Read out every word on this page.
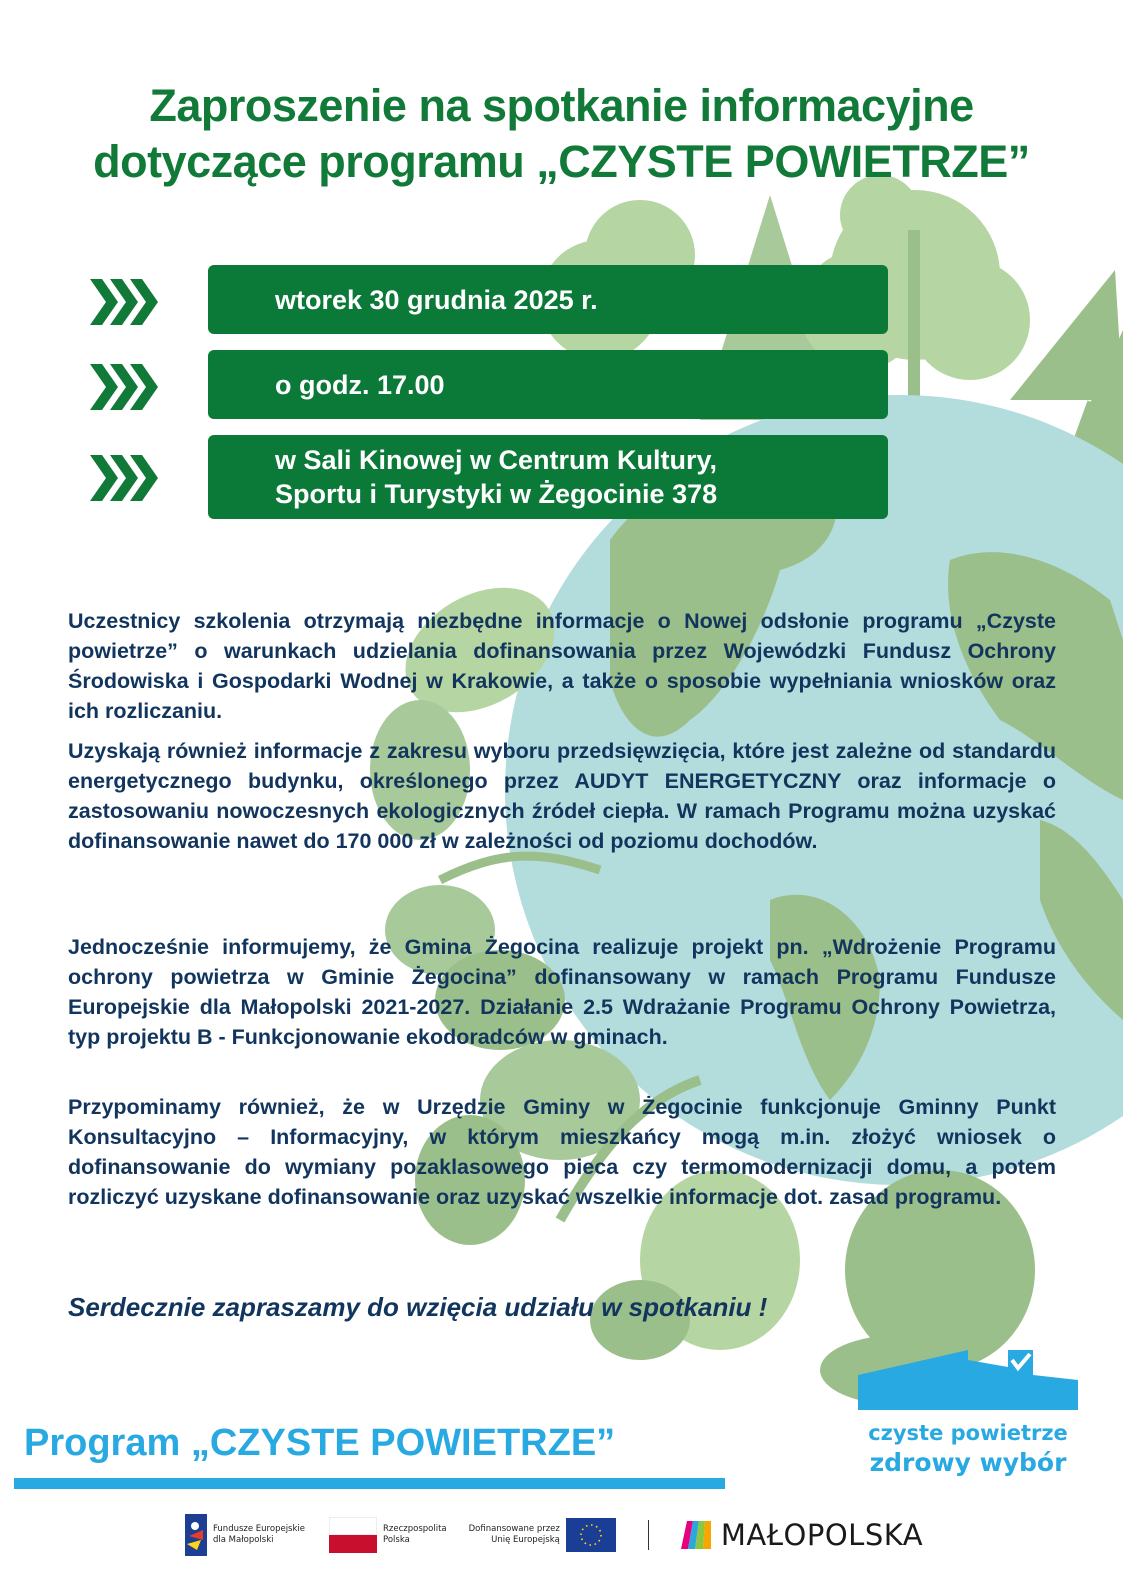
Zaproszenie na spotkanie informacyjne
dotyczące programu „CZYSTE POWIETRZE”
wtorek 30 grudnia 2025 r.
o godz. 17.00
w Sali Kinowej w Centrum Kultury,
Sportu i Turystyki w Żegocinie 378

Uczestnicy szkolenia otrzymają niezbędne informacje o Nowej odsłonie programu „Czyste powietrze” o warunkach udzielania dofinansowania przez Wojewódzki Fundusz Ochrony Środowiska i Gospodarki Wodnej w Krakowie, a także o sposobie wypełniania wniosków oraz ich rozliczaniu.

Uzyskają również informacje z zakresu wyboru przedsięwzięcia, które jest zależne od standardu energetycznego budynku, określonego przez AUDYT ENERGETYCZNY oraz informacje o zastosowaniu nowoczesnych ekologicznych źródeł ciepła. W ramach Programu można uzyskać dofinansowanie nawet do 170 000 zł w zależności od poziomu dochodów.

Jednocześnie informujemy, że Gmina Żegocina realizuje projekt pn. „Wdrożenie Programu ochrony powietrza w Gminie Żegocina” dofinansowany w ramach Programu Fundusze Europejskie dla Małopolski 2021-2027. Działanie 2.5 Wdrażanie Programu Ochrony Powietrza, typ projektu B - Funkcjonowanie ekodoradców w gminach.

Przypominamy również, że w Urzędzie Gminy w Żegocinie funkcjonuje Gminny Punkt Konsultacyjno – Informacyjny, w którym mieszkańcy mogą m.in. złożyć wniosek o dofinansowanie do wymiany pozaklasowego pieca czy termomodernizacji domu, a potem rozliczyć uzyskane dofinansowanie oraz uzyskać wszelkie informacje dot. zasad programu.

Serdecznie zapraszamy do wzięcia udziału w spotkaniu !
Program „CZYSTE POWIETRZE”	czyste powietrze
zdrowy wybór
Fundusze Europejskie
dla Małopolski
Rzeczpospolita
Polska
Dofinansowane przez
Unię Europejską	MAŁOPOLSKA
